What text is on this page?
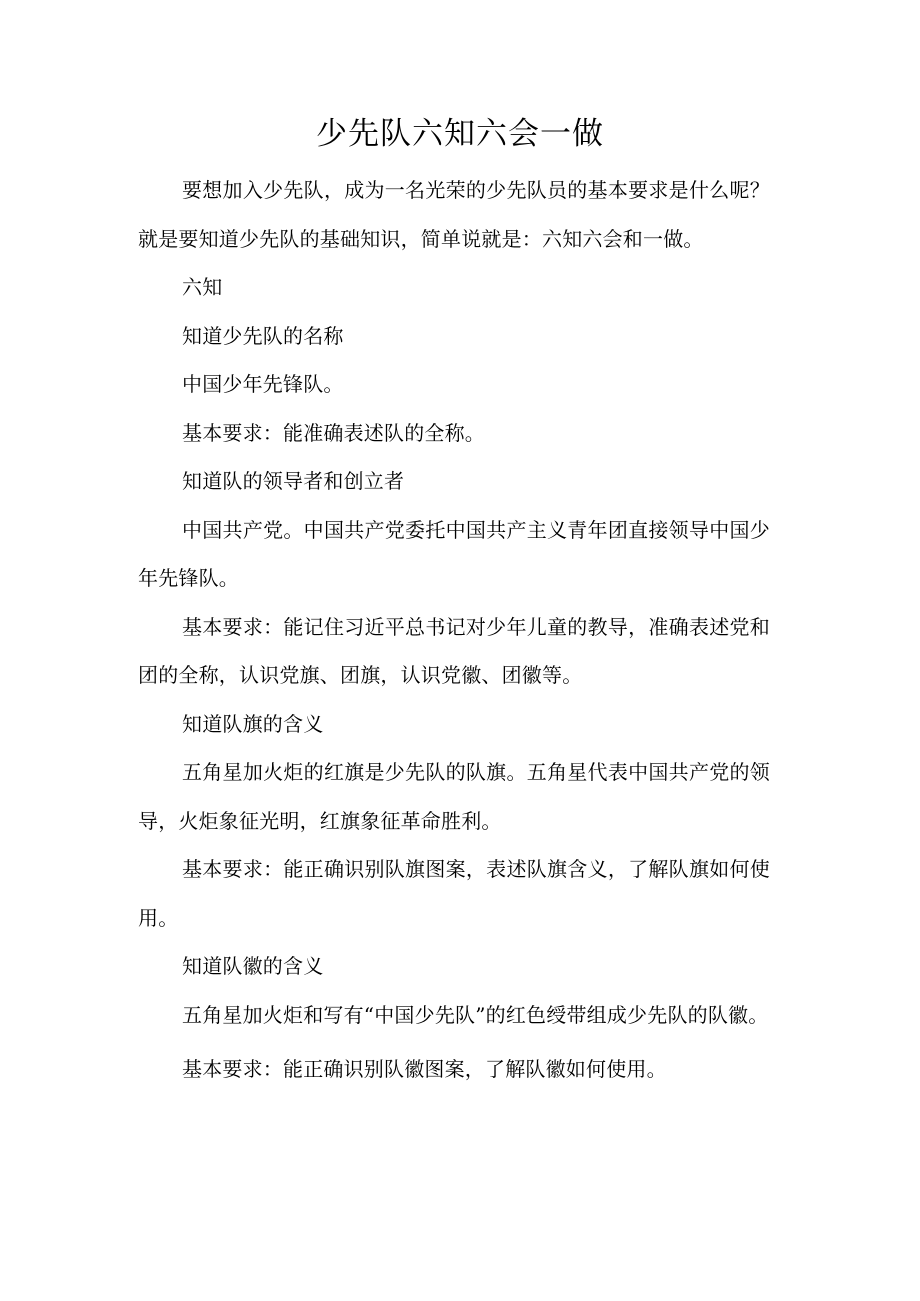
少先队六知六会一做

要想加入少先队，成为一名光荣的少先队员的基本要求是什么呢？就是要知道少先队的基础知识，简单说就是：六知六会和一做。

六知

知道少先队的名称

中国少年先锋队。

基本要求：能准确表述队的全称。

知道队的领导者和创立者

中国共产党。中国共产党委托中国共产主义青年团直接领导中国少年先锋队。

基本要求：能记住习近平总书记对少年儿童的教导，准确表述党和团的全称，认识党旗、团旗，认识党徽、团徽等。

知道队旗的含义

五角星加火炬的红旗是少先队的队旗。五角星代表中国共产党的领导，火炬象征光明，红旗象征革命胜利。

基本要求：能正确识别队旗图案，表述队旗含义，了解队旗如何使用。

知道队徽的含义

五角星加火炬和写有“中国少先队”的红色绶带组成少先队的队徽。

基本要求：能正确识别队徽图案，了解队徽如何使用。
